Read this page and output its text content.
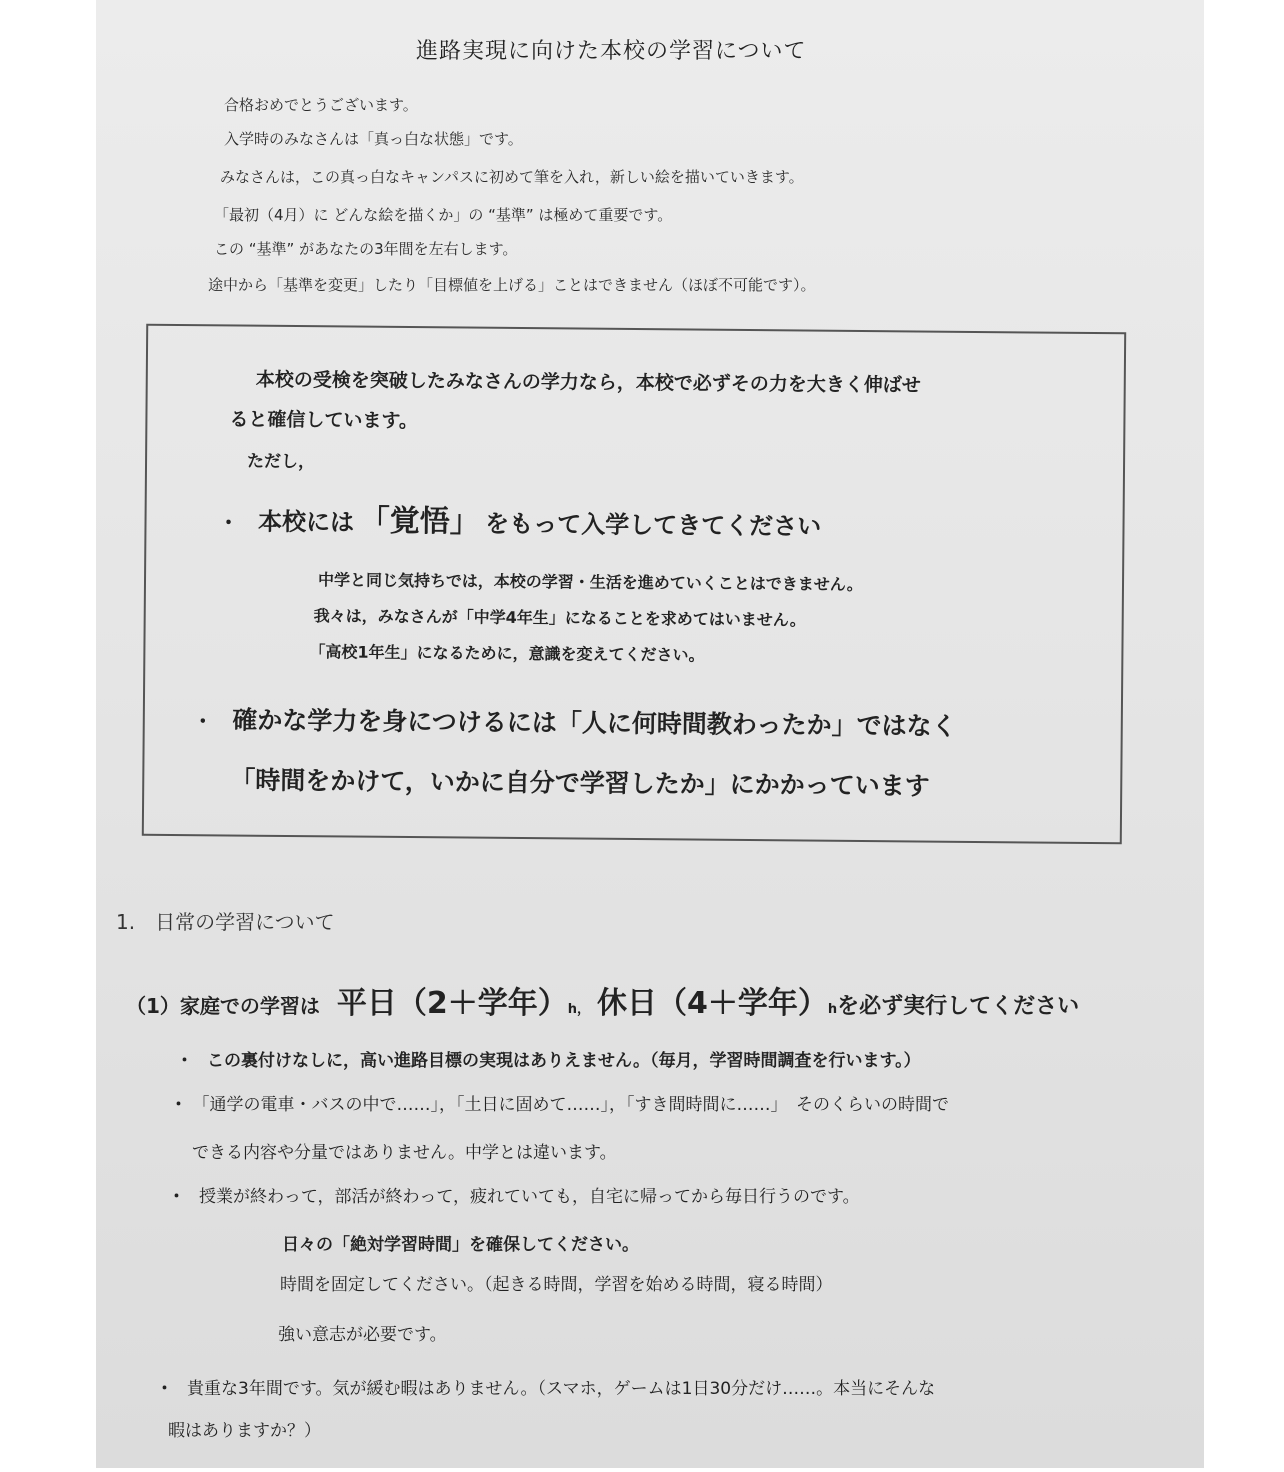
進路実現に向けた本校の学習について
合格おめでとうございます。
入学時のみなさんは「真っ白な状態」です。
みなさんは，この真っ白なキャンパスに初めて筆を入れ，新しい絵を描いていきます。
「最初（4月）に どんな絵を描くか」の “基準” は極めて重要です。
この “基準” があなたの3年間を左右します。
途中から「基準を変更」したり「目標値を上げる」ことはできません（ほぼ不可能です）。
本校の受検を突破したみなさんの学力なら，本校で必ずその力を大きく伸ばせ
ると確信しています。
ただし，
・ 本校には 「覚悟」 をもって入学してきてください
中学と同じ気持ちでは，本校の学習・生活を進めていくことはできません。
我々は，みなさんが「中学4年生」になることを求めてはいません。
「高校1年生」になるために，意識を変えてください。
・ 確かな学力を身につけるには「人に何時間教わったか」ではなく
「時間をかけて，いかに自分で学習したか」にかかっています
1.　日常の学習について
（1）家庭での学習は 平日（2＋学年）h， 休日（4＋学年）hを必ず実行してください
・ この裏付けなしに，高い進路目標の実現はありえません。（毎月，学習時間調査を行います。）
・ 「通学の電車・バスの中で……」，「土日に固めて……」，「すき間時間に……」　そのくらいの時間で
できる内容や分量ではありません。中学とは違います。
・ 授業が終わって，部活が終わって，疲れていても，自宅に帰ってから毎日行うのです。
日々の「絶対学習時間」を確保してください。
時間を固定してください。（起きる時間，学習を始める時間，寝る時間）
強い意志が必要です。
・ 貴重な3年間です。気が緩む暇はありません。（スマホ，ゲームは1日30分だけ……。本当にそんな
暇はありますか？）
